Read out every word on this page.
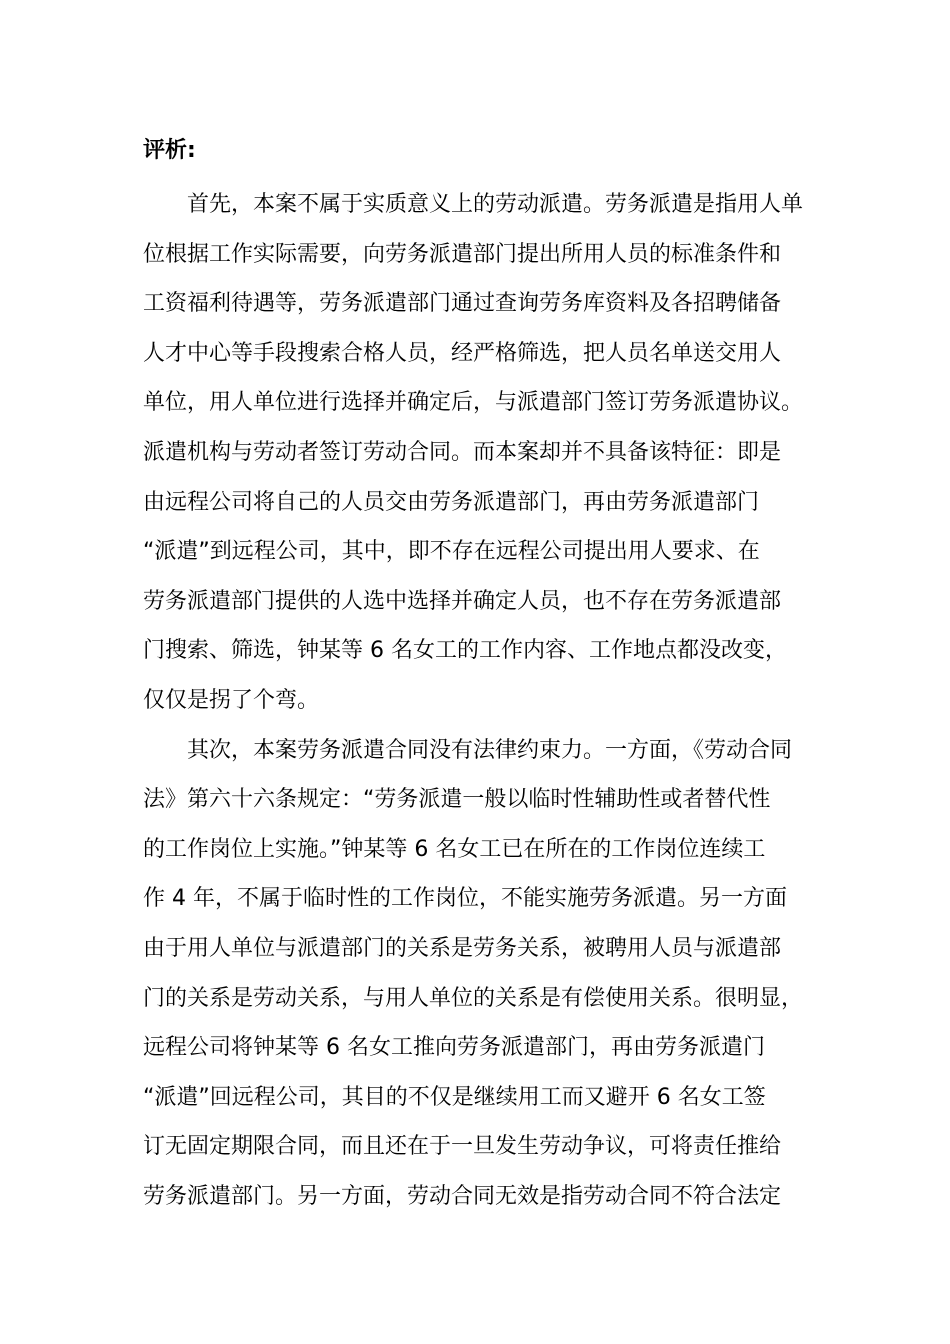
评析:
　　首先，本案不属于实质意义上的劳动派遣。劳务派遣是指用人单
位根据工作实际需要，向劳务派遣部门提出所用人员的标准条件和
工资福利待遇等，劳务派遣部门通过查询劳务库资料及各招聘储备
人才中心等手段搜索合格人员，经严格筛选，把人员名单送交用人
单位，用人单位进行选择并确定后，与派遣部门签订劳务派遣协议。
派遣机构与劳动者签订劳动合同。而本案却并不具备该特征：即是
由远程公司将自己的人员交由劳务派遣部门，再由劳务派遣部门
“派遣”到远程公司，其中，即不存在远程公司提出用人要求、在
劳务派遣部门提供的人选中选择并确定人员，也不存在劳务派遣部
门搜索、筛选，钟某等 6 名女工的工作内容、工作地点都没改变，
仅仅是拐了个弯。
　　其次，本案劳务派遣合同没有法律约束力。一方面，《劳动合同
法》第六十六条规定：“劳务派遣一般以临时性辅助性或者替代性
的工作岗位上实施。”钟某等 6 名女工已在所在的工作岗位连续工
作 4 年，不属于临时性的工作岗位，不能实施劳务派遣。另一方面
由于用人单位与派遣部门的关系是劳务关系，被聘用人员与派遣部
门的关系是劳动关系，与用人单位的关系是有偿使用关系。很明显，
远程公司将钟某等 6 名女工推向劳务派遣部门，再由劳务派遣门
“派遣”回远程公司，其目的不仅是继续用工而又避开 6 名女工签
订无固定期限合同，而且还在于一旦发生劳动争议，可将责任推给
劳务派遣部门。另一方面，劳动合同无效是指劳动合同不符合法定
